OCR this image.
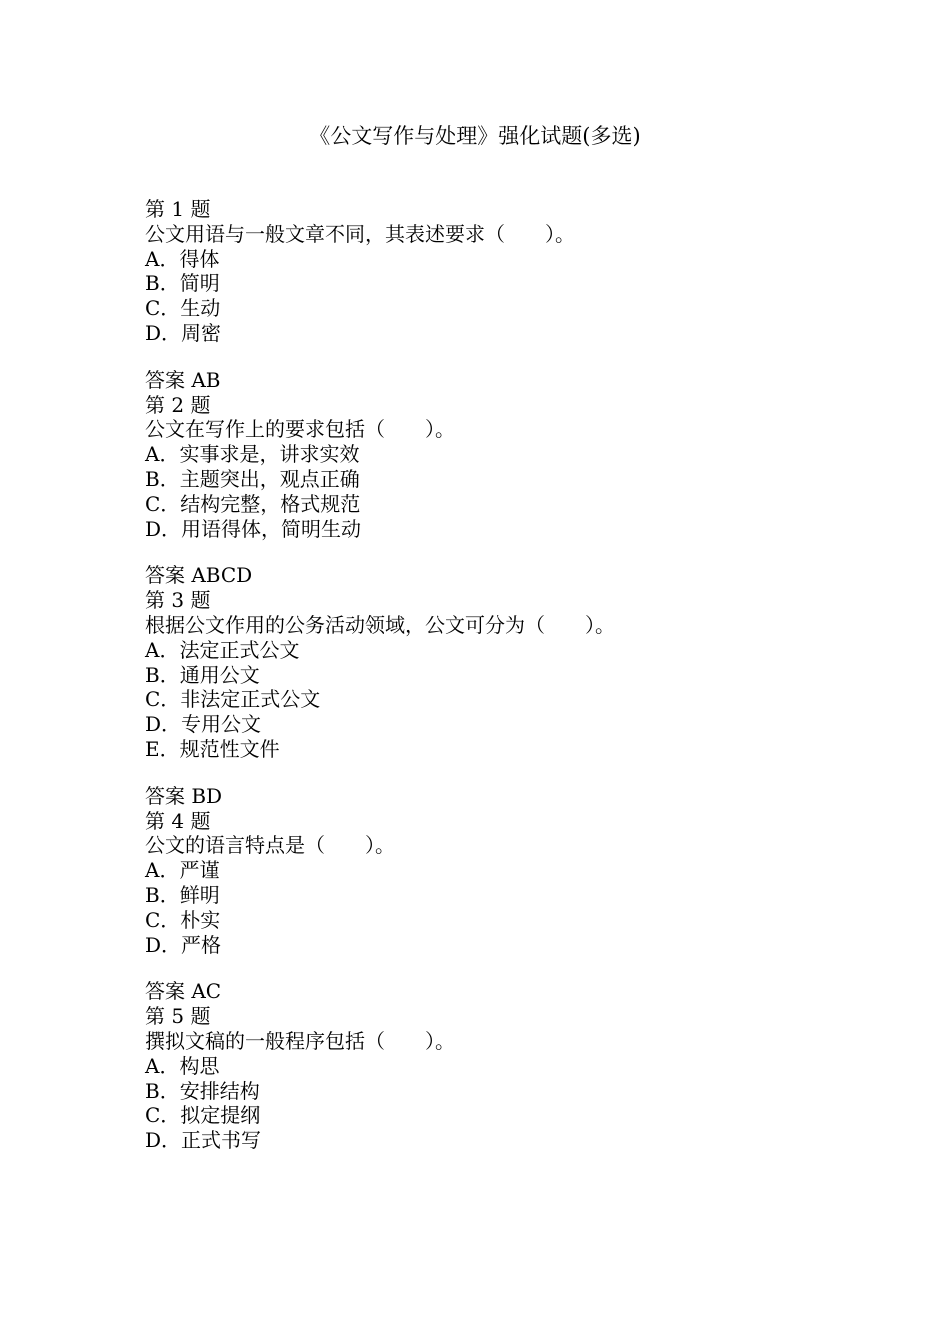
《公文写作与处理》强化试题(多选)
第 1 题
公文用语与一般文章不同，其表述要求（　　）。
A．得体
B．简明
C．生动
D．周密
答案 AB
第 2 题
公文在写作上的要求包括（　　）。
A．实事求是，讲求实效
B．主题突出，观点正确
C．结构完整，格式规范
D．用语得体，简明生动
答案 ABCD
第 3 题
根据公文作用的公务活动领域，公文可分为（　　）。
A．法定正式公文
B．通用公文
C．非法定正式公文
D．专用公文
E．规范性文件
答案 BD
第 4 题
公文的语言特点是（　　）。
A．严谨
B．鲜明
C．朴实
D．严格
答案 AC
第 5 题
撰拟文稿的一般程序包括（　　）。
A．构思
B．安排结构
C．拟定提纲
D．正式书写
